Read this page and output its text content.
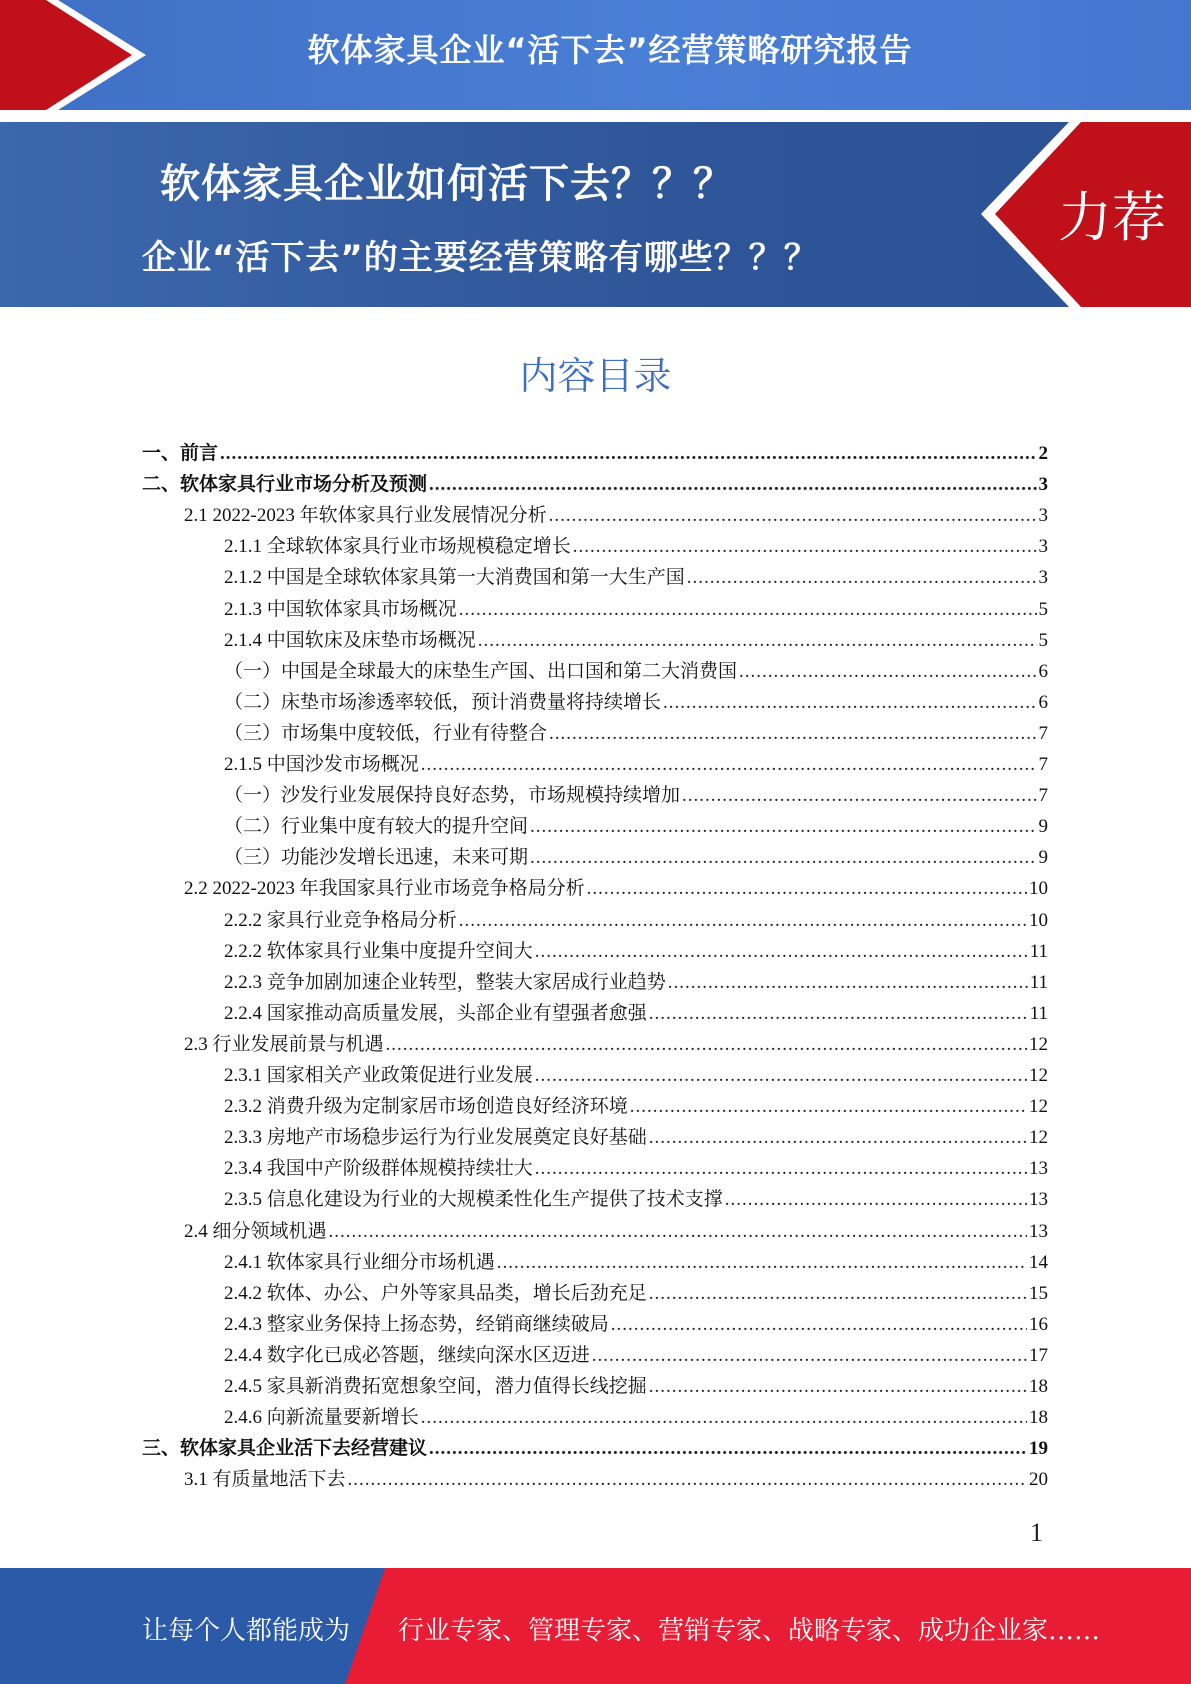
软体家具企业“活下去”经营策略研究报告
软体家具企业如何活下去？？？
企业“活下去”的主要经营策略有哪些？？？
力荐
内容目录
一、前言 .....	2
二、软体家具行业市场分析及预测 .....	3
2.1 2022-2023 年软体家具行业发展情况分析 .....	3
2.1.1 全球软体家具行业市场规模稳定增长 .....	3
2.1.2 中国是全球软体家具第一大消费国和第一大生产国 .....	3
2.1.3 中国软体家具市场概况 .....	5
2.1.4 中国软床及床垫市场概况 .....	5
（一）中国是全球最大的床垫生产国、出口国和第二大消费国 .....	6
（二）床垫市场渗透率较低，预计消费量将持续增长 .....	6
（三）市场集中度较低，行业有待整合 .....	7
2.1.5 中国沙发市场概况 .....	7
（一）沙发行业发展保持良好态势，市场规模持续增加 .....	7
（二）行业集中度有较大的提升空间 .....	9
（三）功能沙发增长迅速，未来可期 .....	9
2.2 2022-2023 年我国家具行业市场竞争格局分析 .....	10
2.2.2 家具行业竞争格局分析 .....	10
2.2.2 软体家具行业集中度提升空间大 .....	11
2.2.3 竞争加剧加速企业转型，整装大家居成行业趋势 .....	11
2.2.4 国家推动高质量发展，头部企业有望强者愈强 .....	11
2.3 行业发展前景与机遇 .....	12
2.3.1 国家相关产业政策促进行业发展 .....	12
2.3.2 消费升级为定制家居市场创造良好经济环境 .....	12
2.3.3 房地产市场稳步运行为行业发展奠定良好基础 .....	12
2.3.4 我国中产阶级群体规模持续壮大 .....	13
2.3.5 信息化建设为行业的大规模柔性化生产提供了技术支撑 .....	13
2.4 细分领域机遇 .....	13
2.4.1 软体家具行业细分市场机遇 .....	14
2.4.2 软体、办公、户外等家具品类，增长后劲充足 .....	15
2.4.3 整家业务保持上扬态势，经销商继续破局 .....	16
2.4.4 数字化已成必答题，继续向深水区迈进 .....	17
2.4.5 家具新消费拓宽想象空间，潜力值得长线挖掘 .....	18
2.4.6 向新流量要新增长 .....	18
三、软体家具企业活下去经营建议 .....	19
3.1 有质量地活下去 .....	20
1
让每个人都能成为 行业专家、管理专家、营销专家、战略专家、成功企业家……
